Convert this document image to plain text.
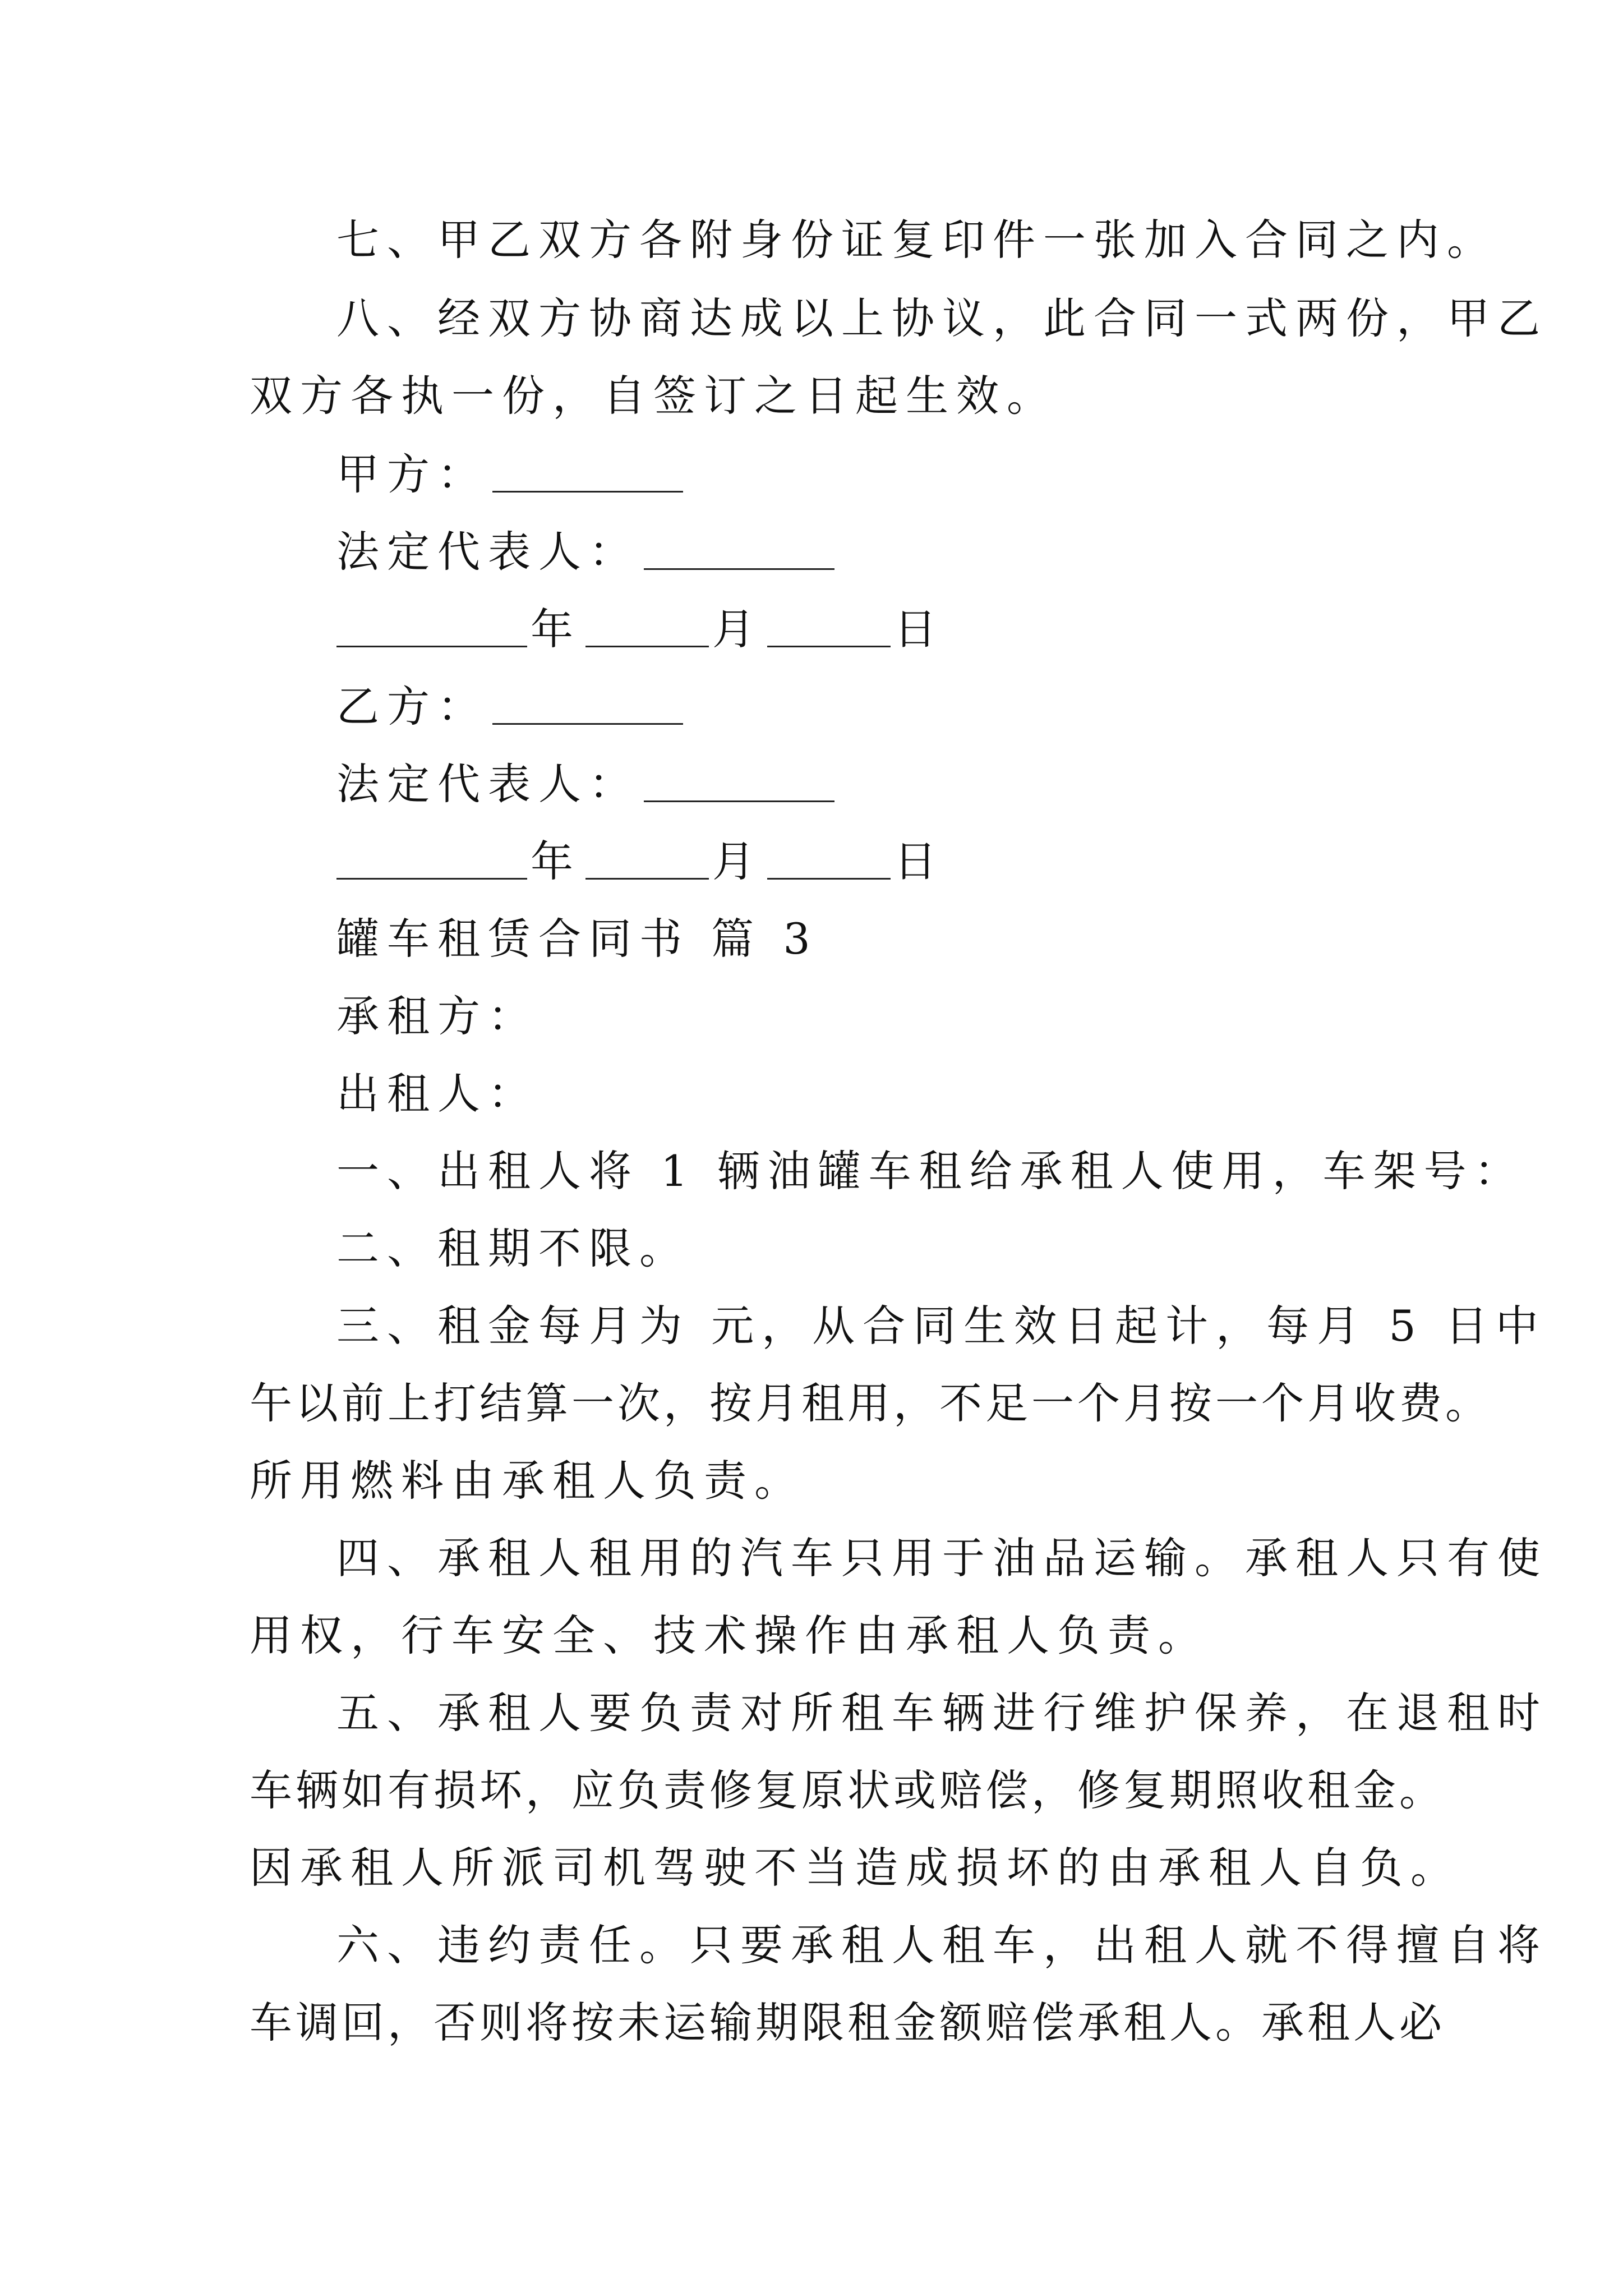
七、甲乙双方各附身份证复印件一张加入合同之内。
八、经双方协商达成以上协议，此合同一式两份，甲乙
双方各执一份，自签订之日起生效。
甲方：
法定代表人：
年	月	日
乙方：
法定代表人：
年	月	日
罐车租赁合同书 篇 3
承租方：
出租人：
一、出租人将 1 辆油罐车租给承租人使用，车架号：
二、租期不限。
三、租金每月为 元，从合同生效日起计，每月 5 日中
午以前上打结算一次，按月租用，不足一个月按一个月收费。
所用燃料由承租人负责。
四、承租人租用的汽车只用于油品运输。承租人只有使
用权，行车安全、技术操作由承租人负责。
五、承租人要负责对所租车辆进行维护保养，在退租时
车辆如有损坏，应负责修复原状或赔偿，修复期照收租金。
因承租人所派司机驾驶不当造成损坏的由承租人自负。
六、违约责任。只要承租人租车，出租人就不得擅自将
车调回，否则将按未运输期限租金额赔偿承租人。承租人必
